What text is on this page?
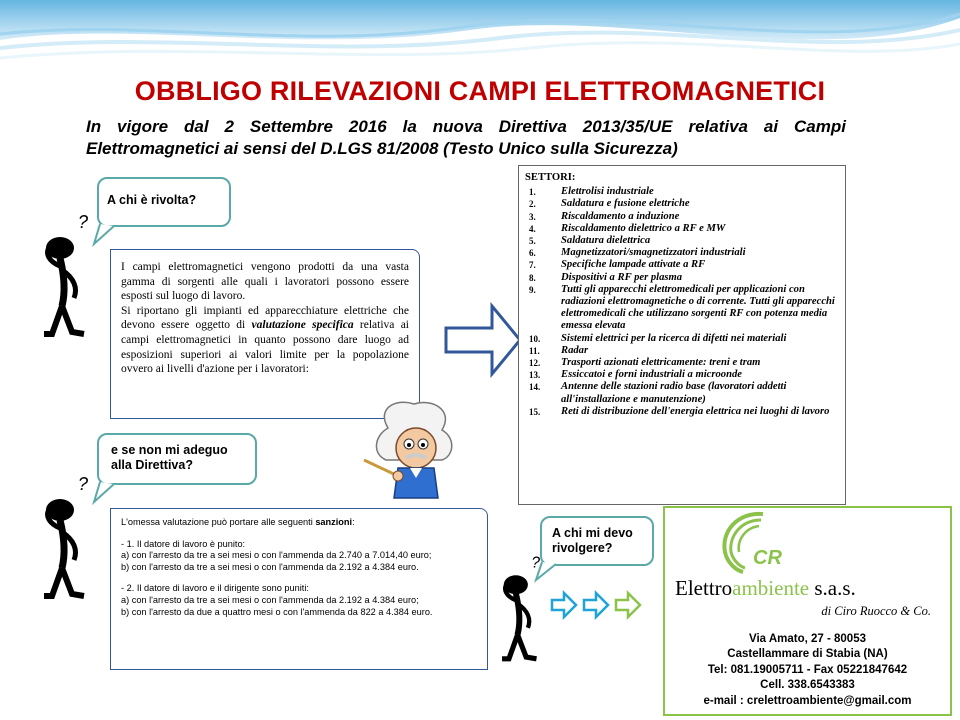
OBBLIGO RILEVAZIONI CAMPI ELETTROMAGNETICI
In vigore dal 2 Settembre 2016 la nuova Direttiva 2013/35/UE relativa ai Campi Elettromagnetici ai sensi del D.LGS 81/2008 (Testo Unico sulla Sicurezza)
?
A chi è rivolta?
I campi elettromagnetici vengono prodotti da una vasta gamma di sorgenti alle quali i lavoratori possono essere esposti sul luogo di lavoro.
Si riportano gli impianti ed apparecchiature elettriche che devono essere oggetto di valutazione specifica relativa ai campi elettromagnetici in quanto possono dare luogo ad esposizioni superiori ai valori limite per la popolazione ovvero ai livelli d'azione per i lavoratori:
SETTORI:
1. Elettrolisi industriale
2. Saldatura e fusione elettriche
3. Riscaldamento a induzione
4. Riscaldamento dielettrico a RF e MW
5. Saldatura dielettrica
6. Magnetizzatori/smagnetizzatori industriali
7. Specifiche lampade attivate a RF
8. Dispositivi a RF per plasma
9. Tutti gli apparecchi elettromedicali per applicazioni con radiazioni elettromagnetiche o di corrente. Tutti gli apparecchi elettromedicali che utilizzano sorgenti RF con potenza media emessa elevata
10. Sistemi elettrici per la ricerca di difetti nei materiali
11. Radar
12. Trasporti azionati elettricamente: treni e tram
13. Essiccatoi e forni industriali a microonde
14. Antenne delle stazioni radio base (lavoratori addetti all'installazione e manutenzione)
15. Reti di distribuzione dell'energia elettrica nei luoghi di lavoro
?
e se non mi adeguo alla Direttiva?
L'omessa valutazione può portare alle seguenti sanzioni:
- 1. Il datore di lavoro è punito:
a) con l'arresto da tre a sei mesi o con l'ammenda da 2.740 a 7.014,40 euro;
b) con l'arresto da tre a sei mesi o con l'ammenda da 2.192 a 4.384 euro.
- 2. Il datore di lavoro e il dirigente sono puniti:
a) con l'arresto da tre a sei mesi o con l'ammenda da 2.192 a 4.384 euro;
b) con l'arresto da due a quattro mesi o con l'ammenda da 822 a 4.384 euro.
?
A chi mi devo rivolgere?	CR
Elettroambiente s.a.s.
di Ciro Ruocco & Co.
Via Amato, 27 - 80053
Castellammare di Stabia (NA)
Tel: 081.19005711 - Fax 05221847642
Cell. 338.6543383
e-mail : crelettroambiente@gmail.com
